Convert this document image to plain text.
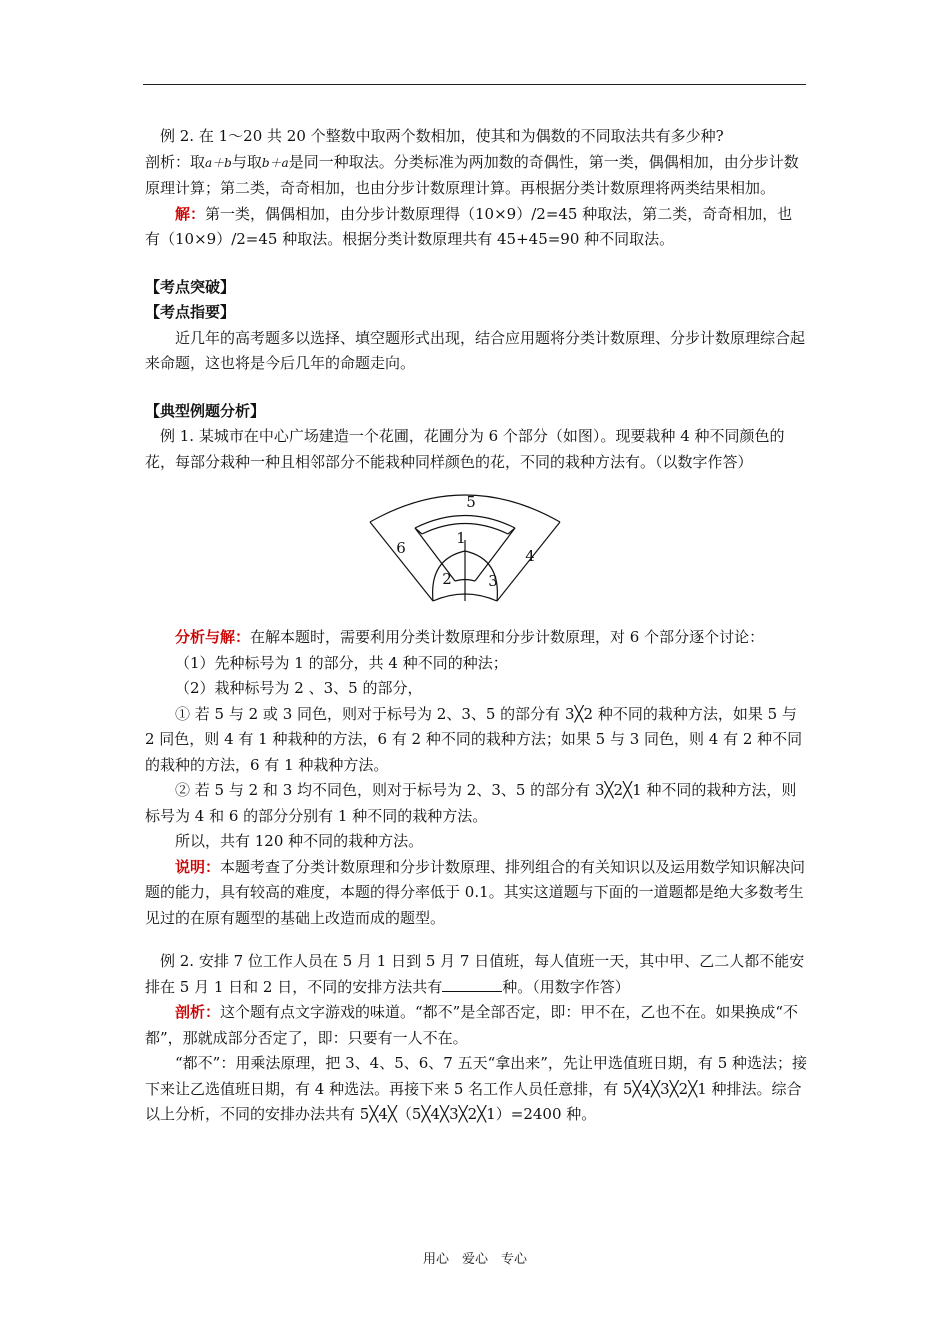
例 2. 在 1～20 共 20 个整数中取两个数相加，使其和为偶数的不同取法共有多少种?

剖析：取a＋b与取b＋a是同一种取法。分类标准为两加数的奇偶性，第一类，偶偶相加，由分步计数原理计算；第二类，奇奇相加，也由分步计数原理计算。再根据分类计数原理将两类结果相加。

解：第一类，偶偶相加，由分步计数原理得（10×9）/2=45 种取法，第二类，奇奇相加，也有（10×9）/2=45 种取法。根据分类计数原理共有 45+45=90 种不同取法。

【考点突破】

【考点指要】

近几年的高考题多以选择、填空题形式出现，结合应用题将分类计数原理、分步计数原理综合起来命题，这也将是今后几年的命题走向。

【典型例题分析】

例 1. 某城市在中心广场建造一个花圃，花圃分为 6 个部分（如图）。现要栽种 4 种不同颜色的花，每部分栽种一种且相邻部分不能栽种同样颜色的花，不同的栽种方法有。（以数字作答）

5
1
6	4
2 3

分析与解：在解本题时，需要利用分类计数原理和分步计数原理，对 6 个部分逐个讨论：

（1）先种标号为 1 的部分，共 4 种不同的种法；

（2）栽种标号为 2 、3、5 的部分，

① 若 5 与 2 或 3 同色，则对于标号为 2、3、5 的部分有 3╳2 种不同的栽种方法，如果 5 与 2 同色，则 4 有 1 种栽种的方法，6 有 2 种不同的栽种方法；如果 5 与 3 同色，则 4 有 2 种不同的栽种的方法，6 有 1 种栽种方法。

② 若 5 与 2 和 3 均不同色，则对于标号为 2、3、5 的部分有 3╳2╳1 种不同的栽种方法，则标号为 4 和 6 的部分分别有 1 种不同的栽种方法。

所以，共有 120 种不同的栽种方法。

说明：本题考查了分类计数原理和分步计数原理、排列组合的有关知识以及运用数学知识解决问题的能力，具有较高的难度，本题的得分率低于 0.1。其实这道题与下面的一道题都是绝大多数考生见过的在原有题型的基础上改造而成的题型。

例 2. 安排 7 位工作人员在 5 月 1 日到 5 月 7 日值班，每人值班一天，其中甲、乙二人都不能安排在 5 月 1 日和 2 日，不同的安排方法共有	种。（用数字作答）

剖析：这个题有点文字游戏的味道。“都不”是全部否定，即：甲不在，乙也不在。如果换成“不都”，那就成部分否定了，即：只要有一人不在。

“都不”：用乘法原理，把 3、4、5、6、7 五天“拿出来”，先让甲选值班日期，有 5 种选法；接下来让乙选值班日期，有 4 种选法。再接下来 5 名工作人员任意排，有 5╳4╳3╳2╳1 种排法。综合以上分析，不同的安排办法共有 5╳4╳（5╳4╳3╳2╳1）=2400 种。

用心　爱心　专心
